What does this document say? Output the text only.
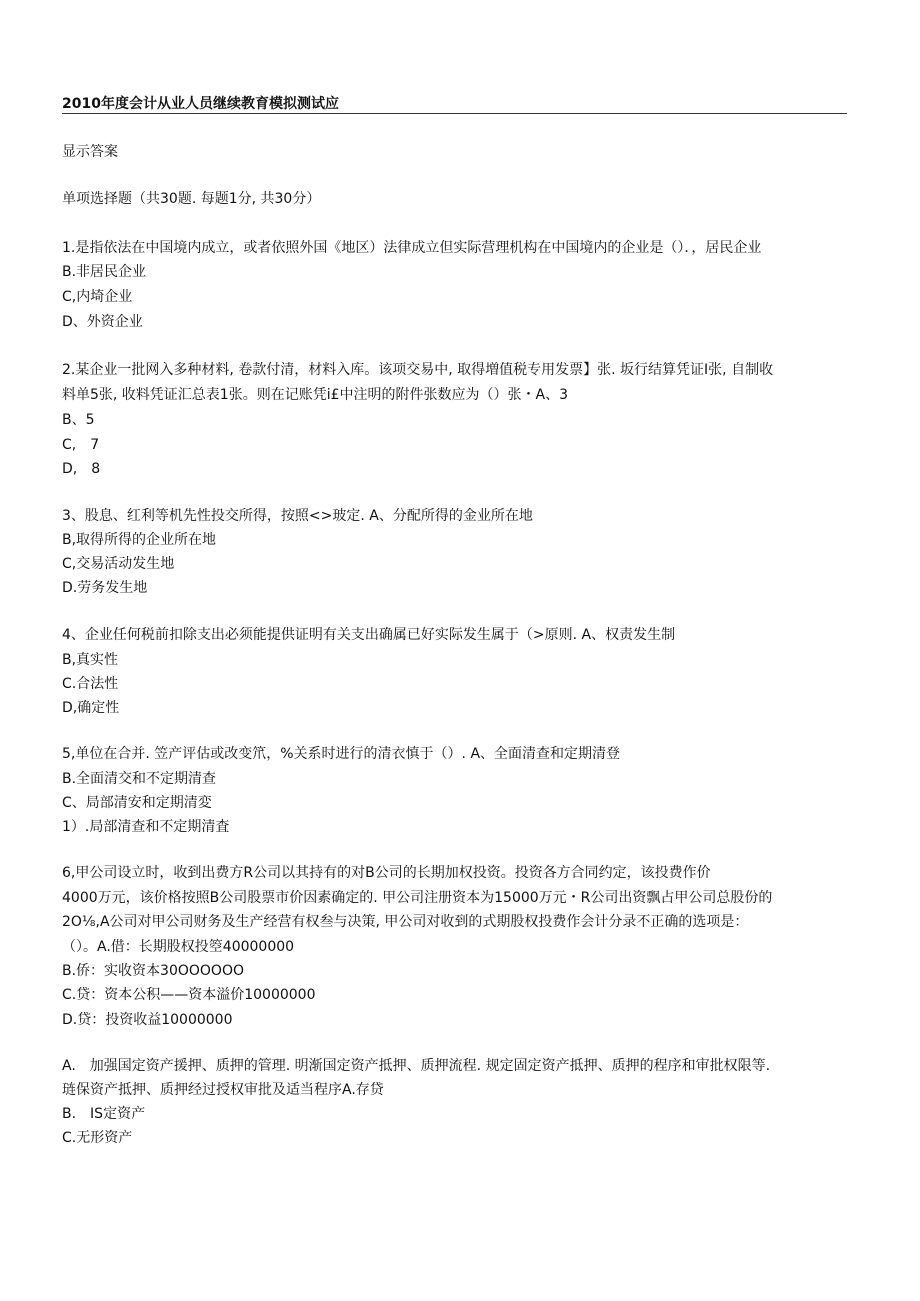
2010年度会计从业人员继续教育模拟测试应
显示答案
单项选择题（共30题. 每题1分, 共30分）
1.是指依法在中国境内成立，或者依照外国《地区）法律成立但实际营理机构在中国境内的企业是（）．，居民企业
B.非居民企业
C,内埼企业
D、外资企业
2.某企业一批网入多种材料, 卷款付清，材料入库。该项交易中, 取得増值税专用发票】张. 坂行结算凭证I张, 自制收
料单5张, 收料凭证汇总表1张。则在记账凭i£中注明的附件张数应为（）张・A、3
B、5
C,　7
D,　8
3、股息、红利等机先性投交所得，按照<>玻定. A、分配所得的金业所在地
B,取得所得的企业所在地
C,交易活动发生地
D.劳务发生地
4、企业任何税前扣除支出必须能提供证明有关支出确属已好实际发生属于（>原则. A、权责发生制
B,真实性
C.合法性
D,确定性
5,单位在合并. 笠产评估或改变笊，%关系时进行的清衣慎于（）. A、全面清查和定期清登
B.全面清交和不定期清查
C、局部清安和定期清変
1）.局部清查和不定期清査
6,甲公司设立时，收到出费方R公司以其持有的对B公司的长期加权投资。投资各方合同约定，该投费作价
4000万元，该价格按照B公司股票市价因素确定的. 甲公司注册资本为15000万元・R公司出资飘占甲公司总股份的
2O⅛,A公司对甲公司财务及生产经营有权叁与决策, 甲公司对收到的式期股权投费作会计分录不正确的选项是：
（）。A.借：长期股权投箜40000000
B.侨：实收资本30OOOOOO
C.贷：资本公积——资本溢价10000000
D.贷：投资收益10000000
A.　加强国定资产援押、质押的管理. 明渐国定资产抵押、质押流程. 规定固定资产抵押、质押的程序和审批权限等.
琏保资产抵押、质押经过授权审批及适当程序A.存贷
B.　IS定资产
C.无形资产
